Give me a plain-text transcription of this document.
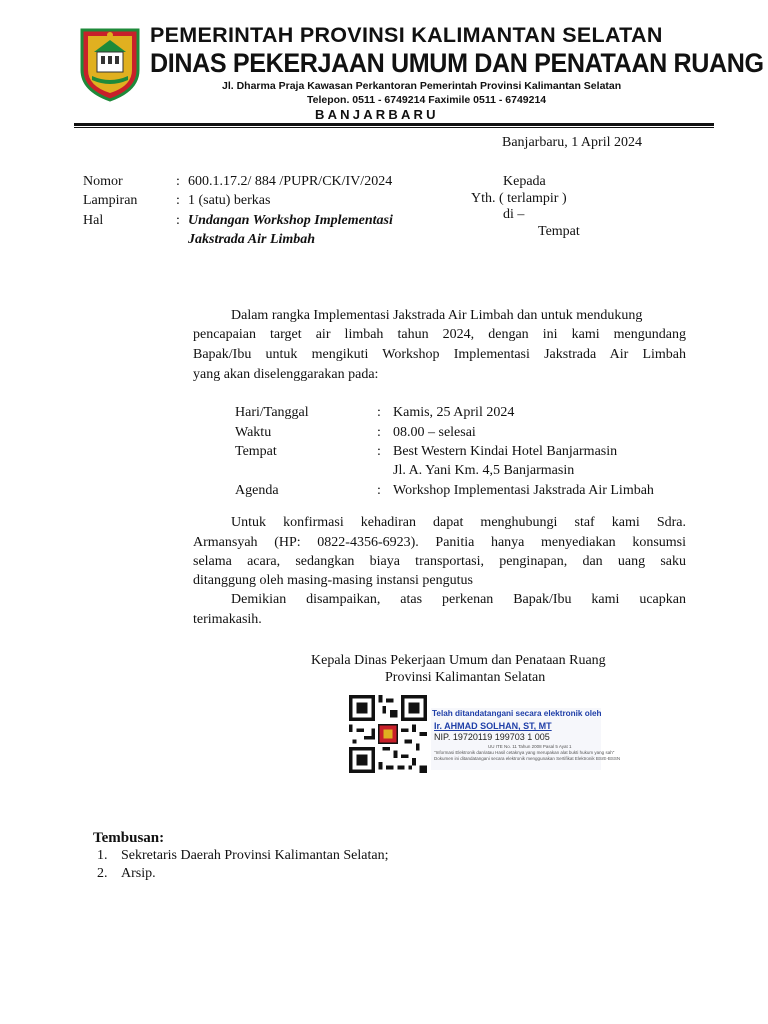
PEMERINTAH PROVINSI KALIMANTAN SELATAN
DINAS PEKERJAAN UMUM DAN PENATAAN RUANG
Jl. Dharma Praja Kawasan Perkantoran Pemerintah Provinsi Kalimantan Selatan
Telepon. 0511 - 6749214 Faximile 0511 - 6749214
BANJARBARU
Banjarbaru, 1 April 2024
Nomor	: 600.1.17.2/ 884 /PUPR/CK/IV/2024
Lampiran	: 1 (satu) berkas
Hal	: Undangan Workshop Implementasi
Jakstrada Air Limbah
Kepada
Yth. ( terlampir )
di –
Tempat
Dalam rangka Implementasi Jakstrada Air Limbah dan untuk mendukung
pencapaian target air limbah tahun 2024, dengan ini kami mengundang
Bapak/Ibu untuk mengikuti Workshop Implementasi Jakstrada Air Limbah
yang akan diselenggarakan pada:
Hari/Tanggal	: Kamis, 25 April 2024
Waktu	: 08.00 – selesai
Tempat	: Best Western Kindai Hotel Banjarmasin
Jl. A. Yani Km. 4,5 Banjarmasin
Agenda	: Workshop Implementasi Jakstrada Air Limbah
Untuk konfirmasi kehadiran dapat menghubungi staf kami Sdra.
Armansyah (HP: 0822-4356-6923). Panitia hanya menyediakan konsumsi
selama acara, sedangkan biaya transportasi, penginapan, dan uang saku
ditanggung oleh masing-masing instansi pengutus
Demikian disampaikan, atas perkenan Bapak/Ibu kami ucapkan
terimakasih.
Kepala Dinas Pekerjaan Umum dan Penataan Ruang
Provinsi Kalimantan Selatan
Telah ditandatangani secara elektronik oleh
Ir. AHMAD SOLHAN, ST, MT
NIP. 19720119 199703 1 005
UU ITE No. 11 Tahun 2008 Pasal 5 Ayat 1
"Informasi Elektronik dan/atau Hasil cetaknya yang merupakan alat bukti hukum yang sah"
Dokumen ini ditandatangani secara elektronik menggunakan Sertifikat Elektronik BSrE-BSSN
Tembusan:
1. Sekretaris Daerah Provinsi Kalimantan Selatan;
2. Arsip.
